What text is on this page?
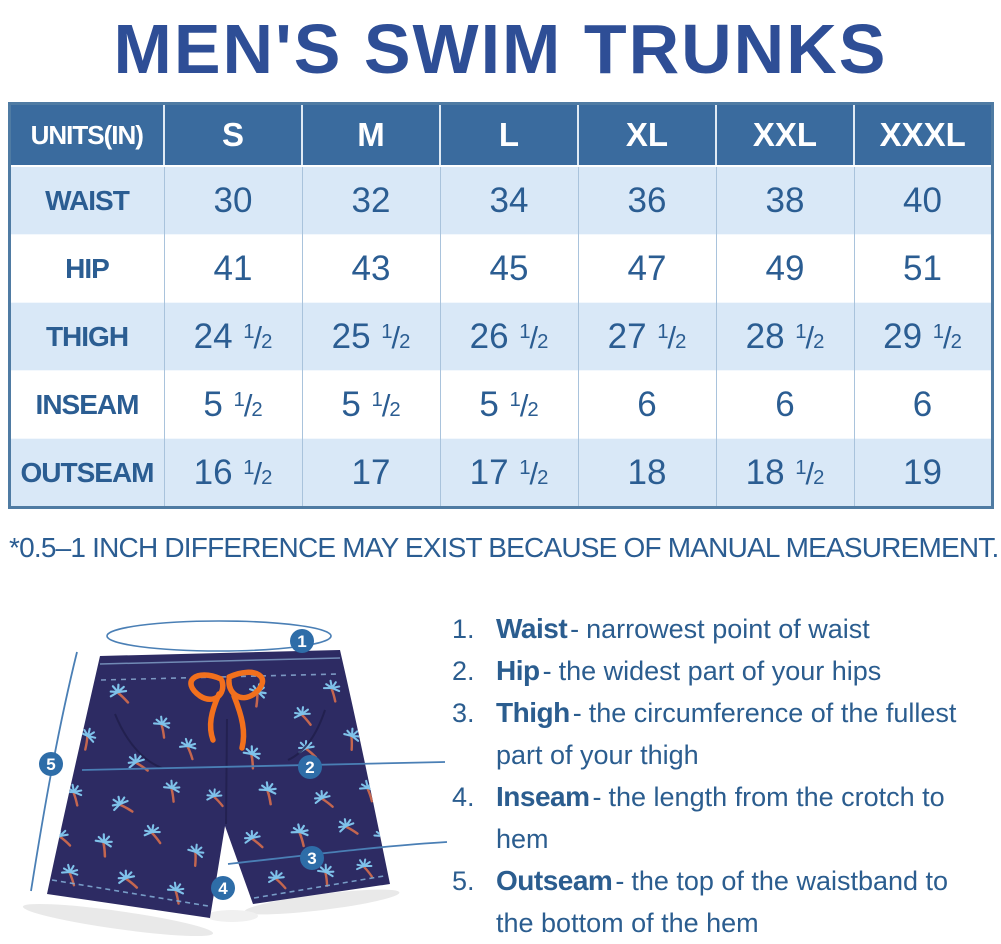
MEN'S SWIM TRUNKS
UNITS(IN)	S	M	L	XL	XXL	XXXL
WAIST	30	32	34	36	38	40
HIP	41	43	45	47	49	51
THIGH	24 $^1$/2	25 $^1$/2	26 $^1$/2	27 $^1$/2	28 $^1$/2	29 $^1$/2
INSEAM	5 $^1$/2	5 $^1$/2	5 $^1$/2	6	6	6
OUTSEAM	16 $^1$/2	17	17 $^1$/2	18	18 $^1$/2	19
*0.5–1 INCH DIFFERENCE MAY EXIST BECAUSE OF MANUAL MEASUREMENT.
1
2
3
4
5
1. Waist - narrowest point of waist
2. Hip - the widest part of your hips
3. Thigh - the circumference of the fullest part of your thigh
4. Inseam - the length from the crotch to hem
5. Outseam - the top of the waistband to the bottom of the hem
